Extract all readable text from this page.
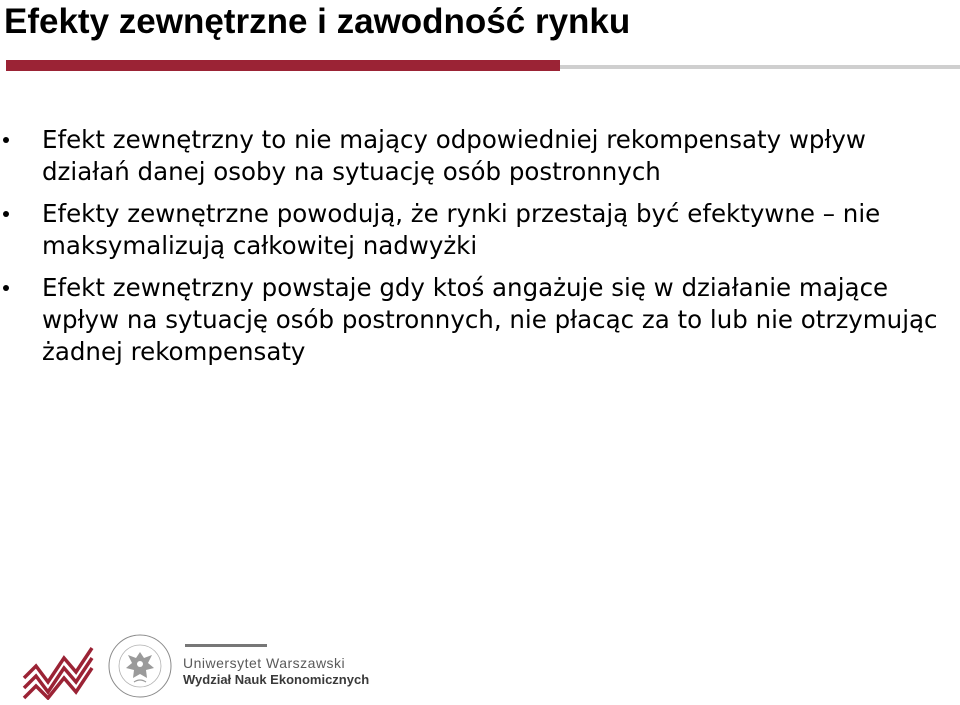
Efekty zewnętrzne i zawodność rynku
Efekt zewnętrzny to nie mający odpowiedniej rekompensaty wpływ działań danej osoby na sytuację osób postronnych
Efekty zewnętrzne powodują, że rynki przestają być efektywne – nie maksymalizują całkowitej nadwyżki
Efekt zewnętrzny powstaje gdy ktoś angażuje się w działanie mające wpływ na sytuację osób postronnych, nie płacąc za to lub nie otrzymując żadnej rekompensaty
Uniwersytet Warszawski
Wydział Nauk Ekonomicznych
